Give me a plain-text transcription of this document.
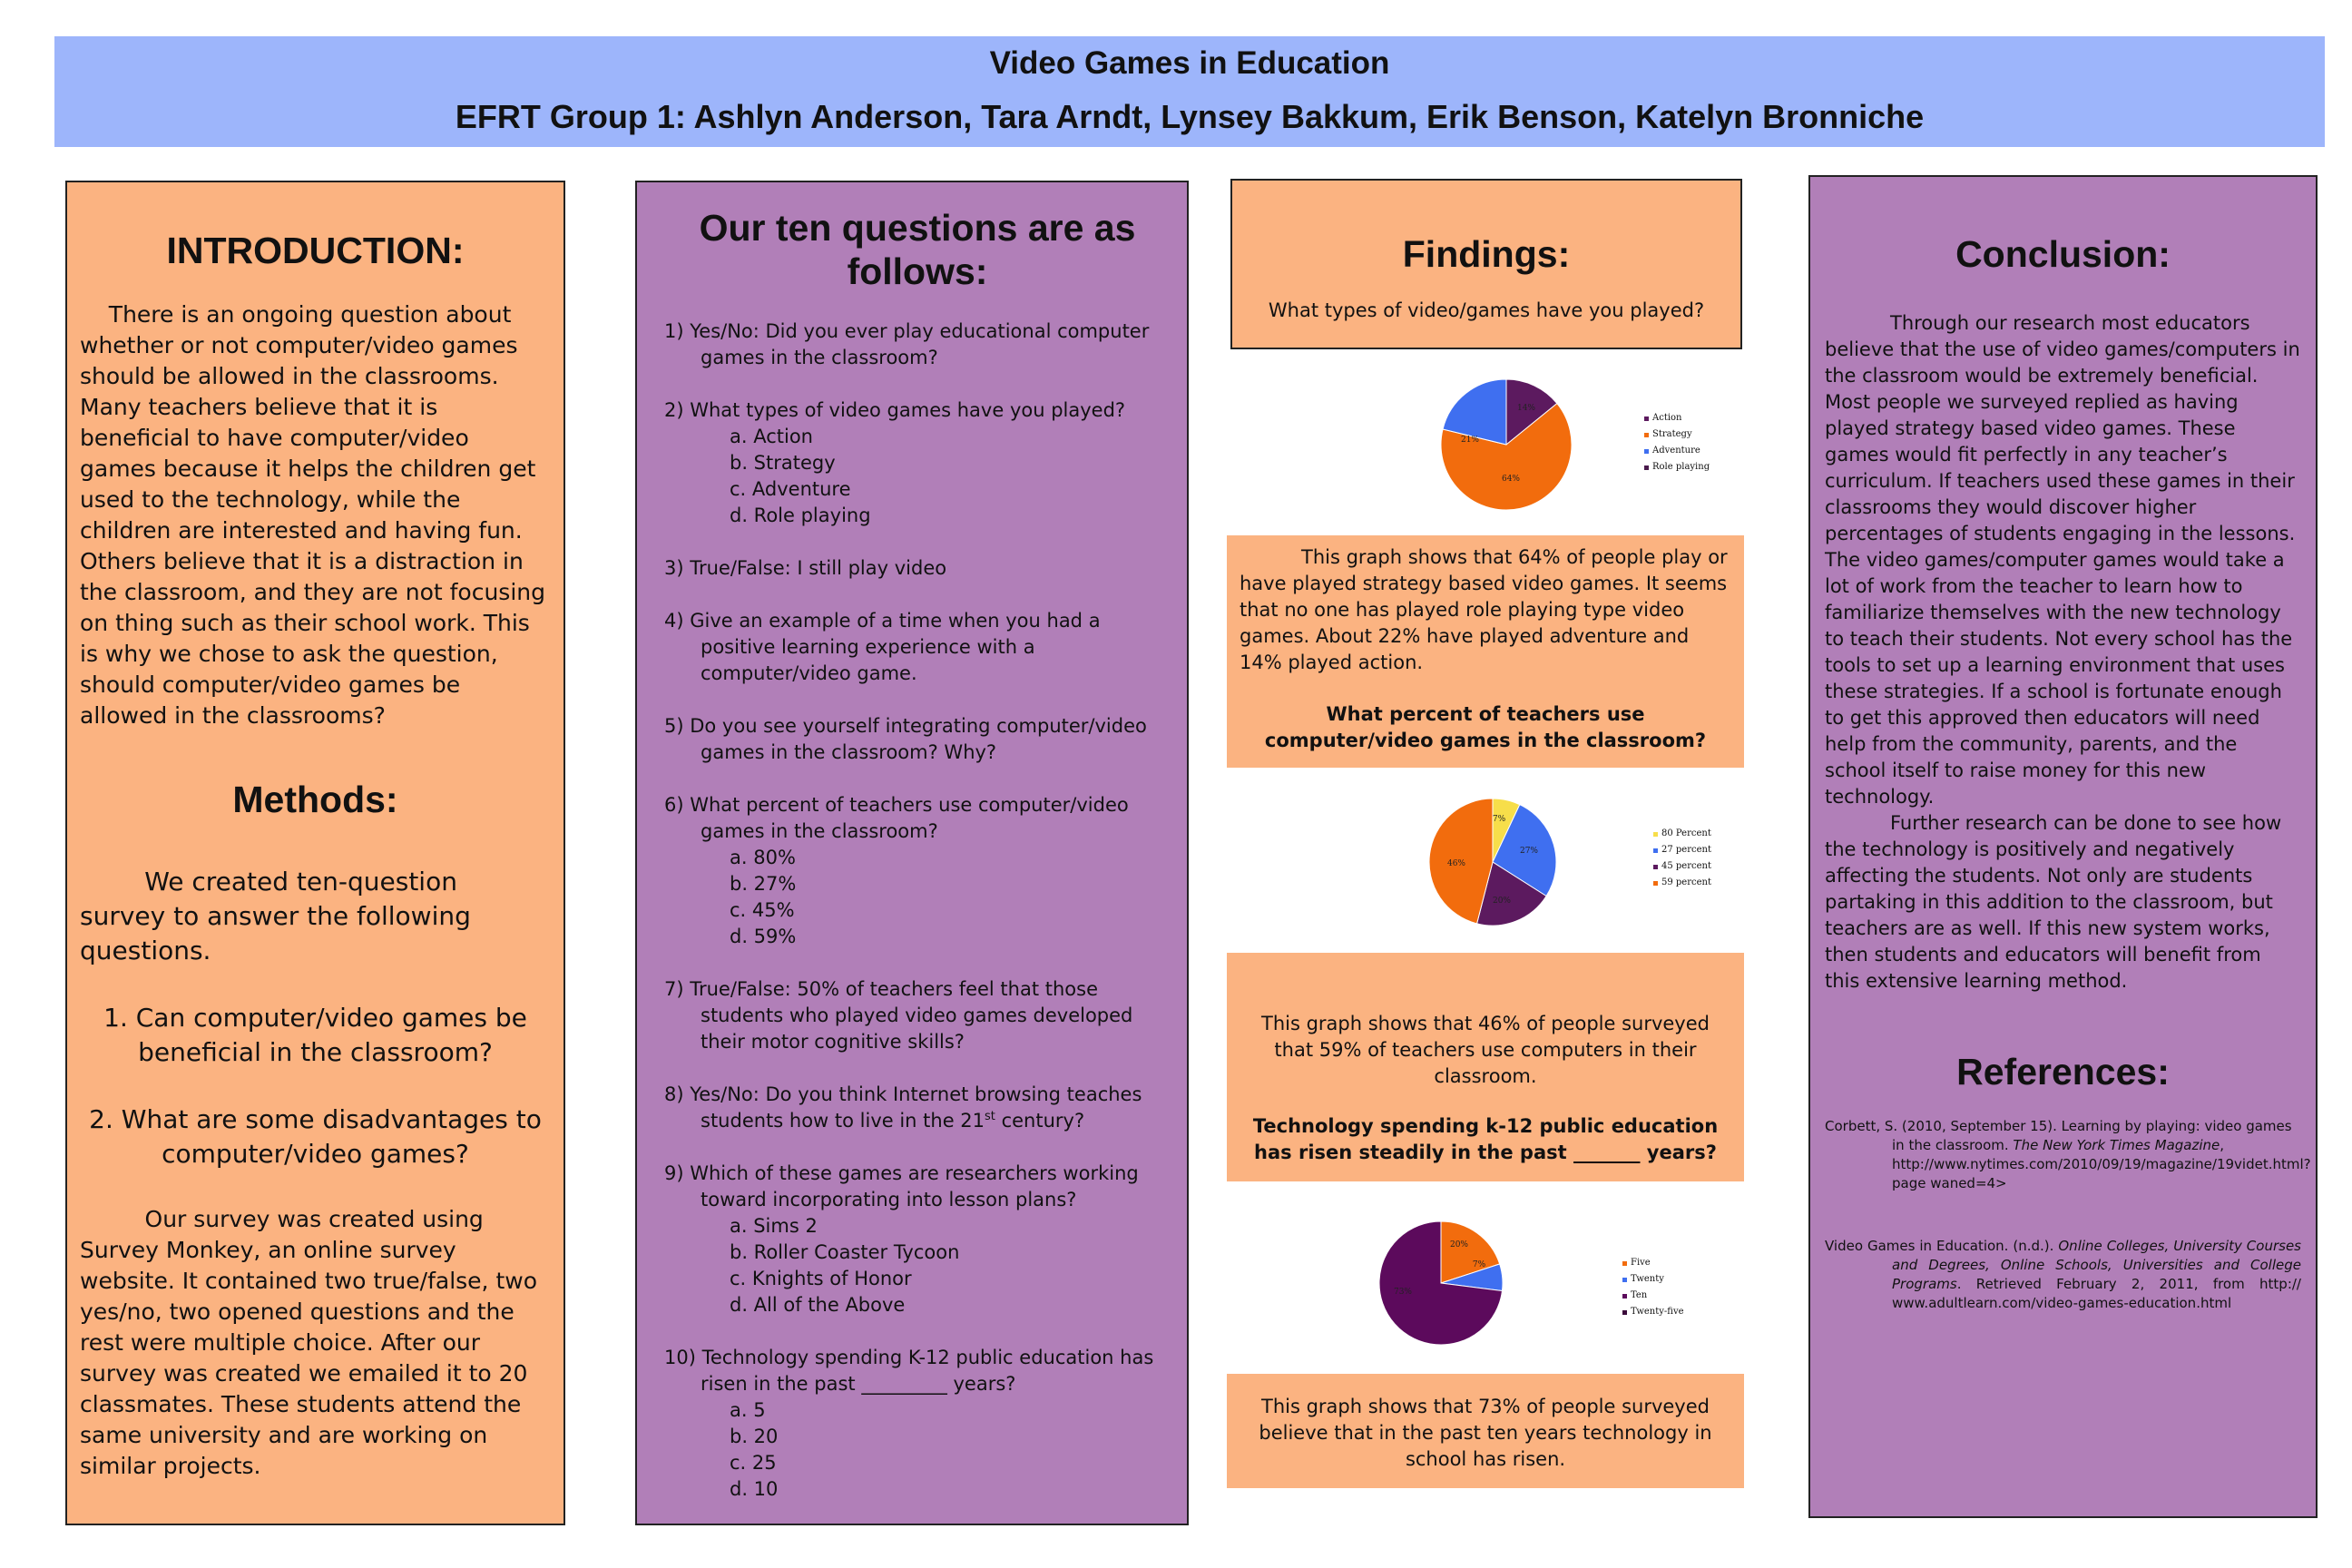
Video Games in Education
EFRT Group 1: Ashlyn Anderson, Tara Arndt, Lynsey Bakkum, Erik Benson, Katelyn Bronniche
INTRODUCTION:
There is an ongoing question about whether or not computer/video games should be allowed in the classrooms. Many teachers believe that it is beneficial to have computer/video games because it helps the children get used to the technology, while the children are interested and having fun. Others believe that it is a distraction in the classroom, and they are not focusing on thing such as their school work. This is why we chose to ask the question, should computer/video games be allowed in the classrooms?
Methods:
We created ten-question survey to answer the following questions.
1. Can computer/video games be beneficial in the classroom?
2. What are some disadvantages to computer/video games?
Our survey was created using Survey Monkey, an online survey website. It contained two true/false, two yes/no, two opened questions and the rest were multiple choice. After our survey was created we emailed it to 20 classmates. These students attend the same university and are working on similar projects.
Our ten questions are as follows:
1) Yes/No: Did you ever play educational computer games in the classroom?
2) What types of video games have you played?
a. Action
b. Strategy
c. Adventure
d. Role playing
3) True/False: I still play video
4) Give an example of a time when you had a positive learning experience with a computer/video game.
5) Do you see yourself integrating computer/video games in the classroom? Why?
6) What percent of teachers use computer/video games in the classroom?
a. 80%
b. 27%
c. 45%
d. 59%
7) True/False: 50% of teachers feel that those students who played video games developed their motor cognitive skills?
8) Yes/No: Do you think Internet browsing teaches students how to live in the 21st century?
9) Which of these games are researchers working toward incorporating into lesson plans?
a. Sims 2
b. Roller Coaster Tycoon
c. Knights of Honor
d. All of the Above
10) Technology spending K-12 public education has risen in the past _________ years?
a. 5
b. 20
c. 25
d. 10
Findings:
What types of video/games have you played?
14%
64%
21%
Action
Strategy
Adventure
Role playing
This graph shows that 64% of people play or have played strategy based video games. It seems that no one has played role playing type video games. About 22% have played adventure and 14% played action.
What percent of teachers use computer/video games in the classroom?
7%
27%
20%
46%
80 Percent
27 percent
45 percent
59 percent
This graph shows that 46% of people surveyed that 59% of teachers use computers in their classroom.
Technology spending k-12 public education has risen steadily in the past _______ years?
20%
7%
73%
Five
Twenty
Ten
Twenty-five
This graph shows that 73% of people surveyed believe that in the past ten years technology in school has risen.
Conclusion:
Through our research most educators believe that the use of video games/computers in the classroom would be extremely beneficial. Most people we surveyed replied as having played strategy based video games. These games would fit perfectly in any teacher’s curriculum. If teachers used these games in their classrooms they would discover higher percentages of students engaging in the lessons. The video games/computer games would take a lot of work from the teacher to learn how to familiarize themselves with the new technology to teach their students. Not every school has the tools to set up a learning environment that uses these strategies. If a school is fortunate enough to get this approved then educators will need help from the community, parents, and the school itself to raise money for this new technology.
Further research can be done to see how the technology is positively and negatively affecting the students. Not only are students partaking in this addition to the classroom, but teachers are as well. If this new system works, then students and educators will benefit from this extensive learning method.
References:
Corbett, S. (2010, September 15). Learning by playing: video games in the classroom. The New York Times Magazine, http://www.nytimes.com/2010/09/19/magazine/19videt.html?page waned=4>
Video Games in Education. (n.d.). Online Colleges, University Courses and Degrees, Online Schools, Universities and College Programs. Retrieved February 2, 2011, from http:// www.adultlearn.com/video-games-education.html
